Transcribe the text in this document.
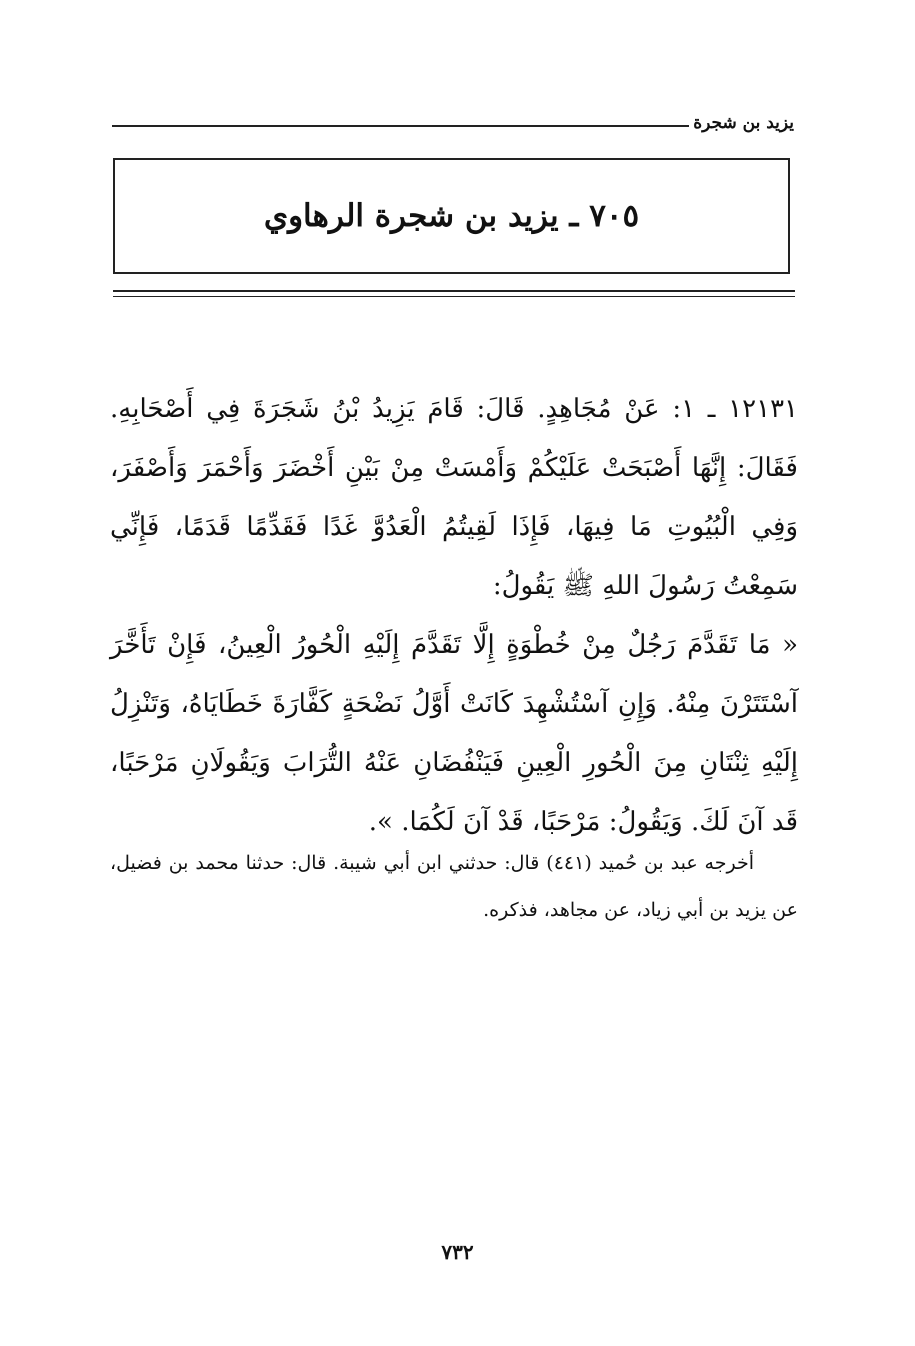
يزيد بن شجرة
٧٠٥ ـ يزيد بن شجرة الرهاوي

١٢١٣١ ـ ١: عَنْ مُجَاهِدٍ. قَالَ: قَامَ يَزِيدُ بْنُ شَجَرَةَ فِي أَصْحَابِهِ. فَقَالَ: إِنَّهَا أَصْبَحَتْ عَلَيْكُمْ وَأَمْسَتْ مِنْ بَيْنِ أَخْضَرَ وَأَحْمَرَ وَأَصْفَرَ، وَفِي الْبُيُوتِ مَا فِيهَا، فَإِذَا لَقِيتُمُ الْعَدُوَّ غَدًا فَقَدِّمًا قَدَمًا، فَإِنِّي سَمِعْتُ رَسُولَ اللهِ ﷺ يَقُولُ:

« مَا تَقَدَّمَ رَجُلٌ مِنْ خُطْوَةٍ إِلَّا تَقَدَّمَ إِلَيْهِ الْحُورُ الْعِينُ، فَإِنْ تَأَخَّرَ آسْتَتَرْنَ مِنْهُ. وَإِنِ آسْتُشْهِدَ كَانَتْ أَوَّلُ نَضْحَةٍ كَفَّارَةَ خَطَايَاهُ، وَتَنْزِلُ إِلَيْهِ ثِنْتَانِ مِنَ الْحُورِ الْعِينِ فَيَنْفُضَانِ عَنْهُ التُّرَابَ وَيَقُولَانِ مَرْحَبًا، قَد آنَ لَكَ. وَيَقُولُ: مَرْحَبًا، قَدْ آنَ لَكُمَا. ».

أخرجه عبد بن حُميد (٤٤١) قال: حدثني ابن أبي شيبة. قال: حدثنا محمد بن فضيل، عن يزيد بن أبي زياد، عن مجاهد، فذكره.

٧٣٢
